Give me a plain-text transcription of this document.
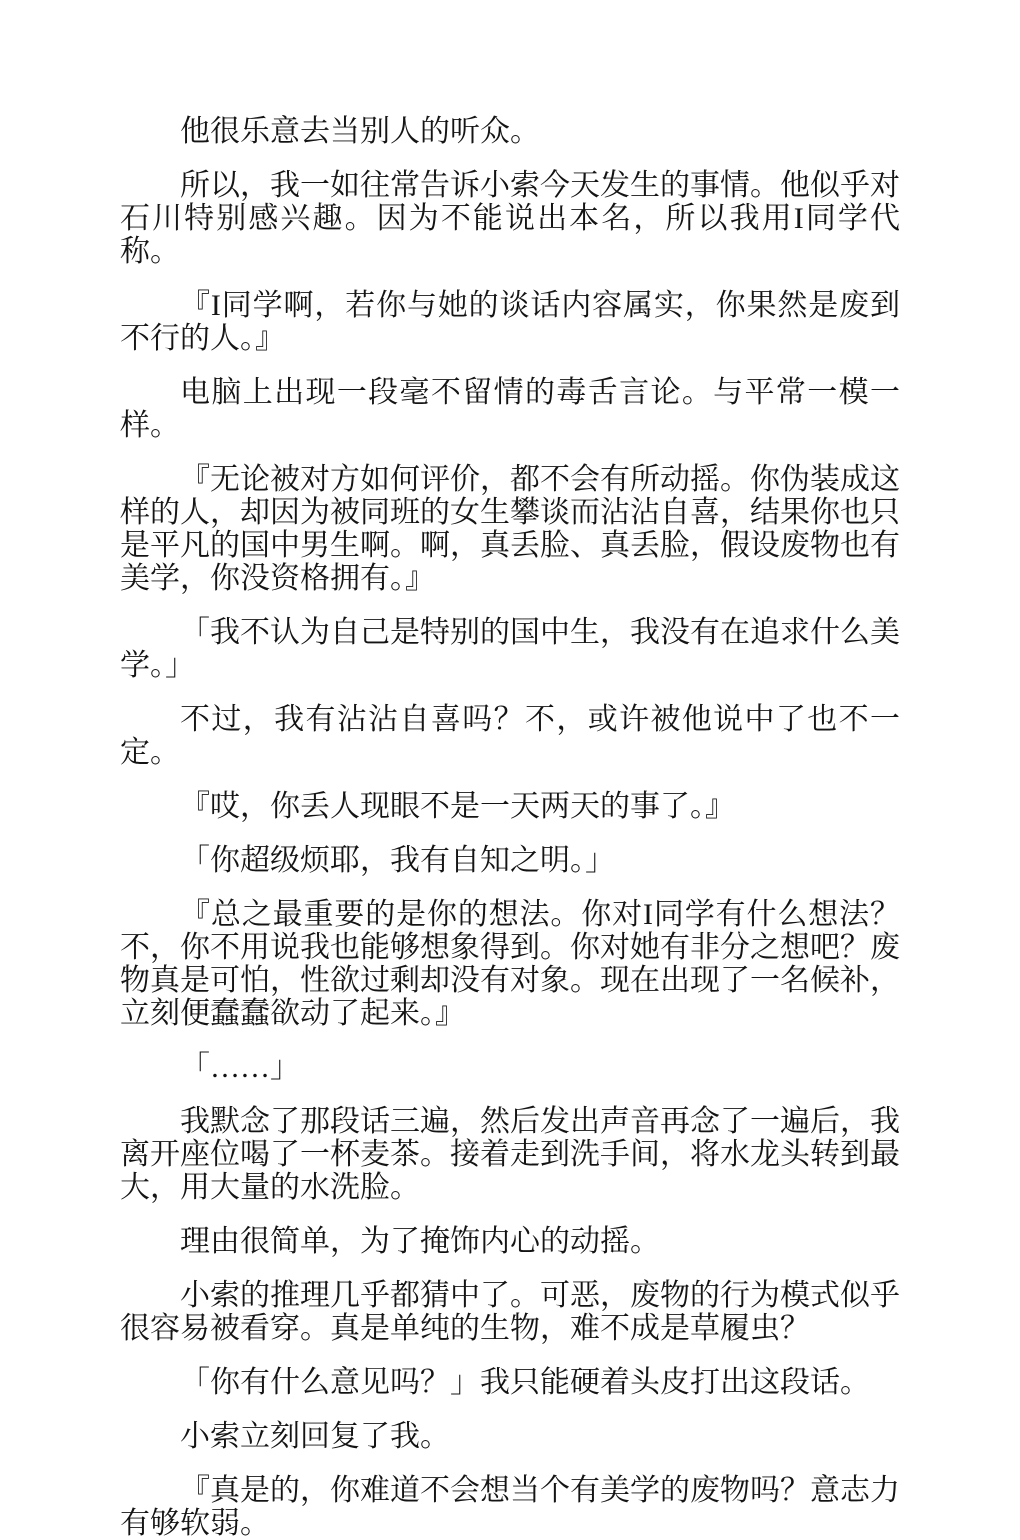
他很乐意去当别人的听众。

所以，我一如往常告诉小索今天发生的事情。他似乎对石川特别感兴趣。因为不能说出本名，所以我用I同学代称。

『I同学啊，若你与她的谈话内容属实，你果然是废到不行的人。』

电脑上出现一段毫不留情的毒舌言论。与平常一模一样。

『无论被对方如何评价，都不会有所动摇。你伪装成这样的人，却因为被同班的女生攀谈而沾沾自喜，结果你也只是平凡的国中男生啊。啊，真丢脸、真丢脸，假设废物也有美学，你没资格拥有。』

「我不认为自己是特别的国中生，我没有在追求什么美学。」

不过，我有沾沾自喜吗？不，或许被他说中了也不一定。

『哎，你丢人现眼不是一天两天的事了。』

「你超级烦耶，我有自知之明。」

『总之最重要的是你的想法。你对I同学有什么想法？不，你不用说我也能够想象得到。你对她有非分之想吧？废物真是可怕，性欲过剩却没有对象。现在出现了一名候补，立刻便蠢蠢欲动了起来。』

「……」

我默念了那段话三遍，然后发出声音再念了一遍后，我离开座位喝了一杯麦茶。接着走到洗手间，将水龙头转到最大，用大量的水洗脸。

理由很简单，为了掩饰内心的动摇。

小索的推理几乎都猜中了。可恶，废物的行为模式似乎很容易被看穿。真是单纯的生物，难不成是草履虫？

「你有什么意见吗？」我只能硬着头皮打出这段话。

小索立刻回复了我。

『真是的，你难道不会想当个有美学的废物吗？意志力有够软弱。
